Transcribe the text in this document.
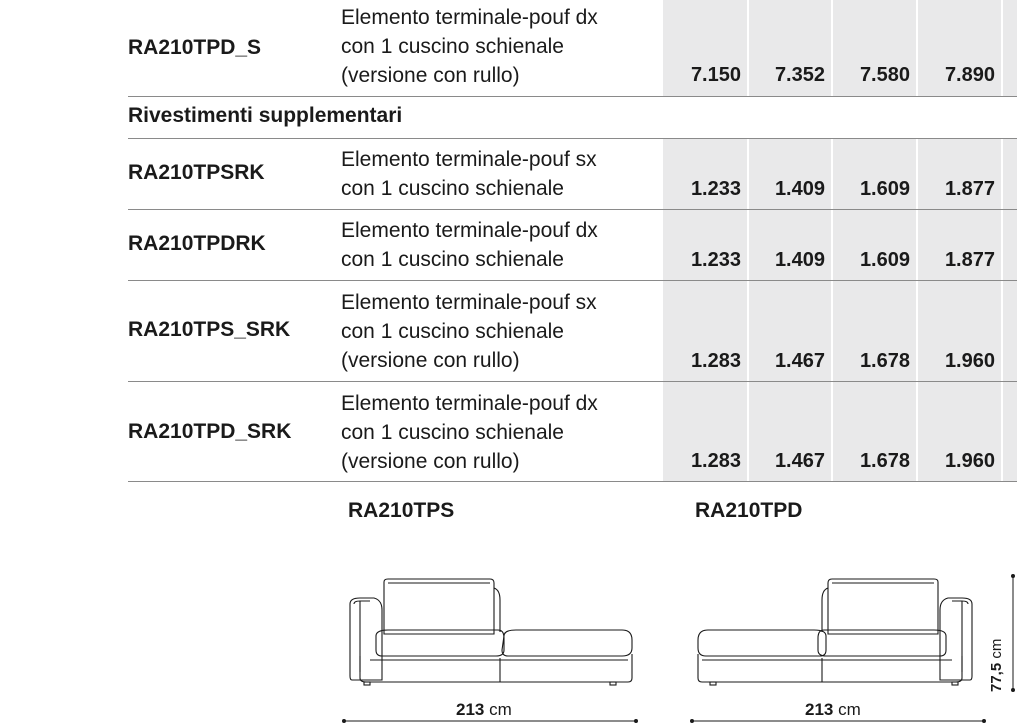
RA210TPD_S
Elemento terminale-pouf dx
con 1 cuscino schienale
(versione con rullo)	7.150	7.352	7.580	7.890
Rivestimenti supplementari
RA210TPSRK
Elemento terminale-pouf sx
con 1 cuscino schienale	1.233	1.409	1.609	1.877
RA210TPDRK
Elemento terminale-pouf dx
con 1 cuscino schienale	1.233	1.409	1.609	1.877
RA210TPS_SRK
Elemento terminale-pouf sx
con 1 cuscino schienale
(versione con rullo)	1.283	1.467	1.678	1.960
RA210TPD_SRK
Elemento terminale-pouf dx
con 1 cuscino schienale
(versione con rullo)	1.283	1.467	1.678	1.960
RA210TPS	RA210TPD
213 cm	213 cm
77,5 cm
